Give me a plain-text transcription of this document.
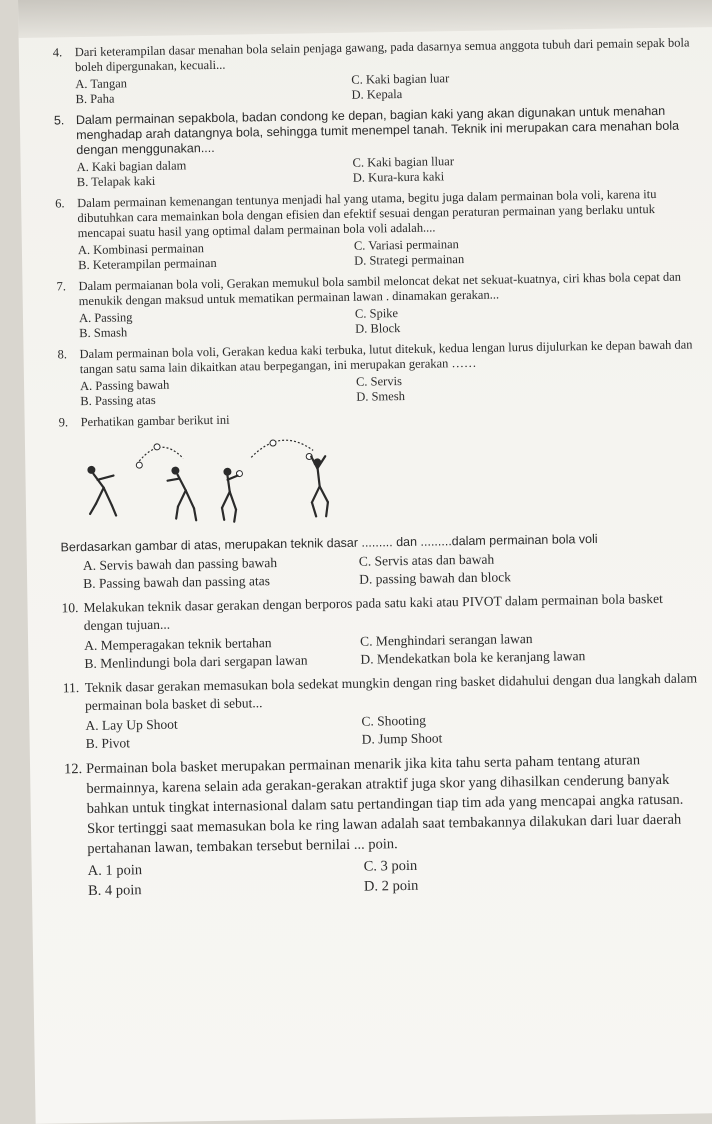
4. Dari keterampilan dasar menahan bola selain penjaga gawang, pada dasarnya semua anggota tubuh dari pemain sepak bola boleh dipergunakan, kecuali...
A. Tangan	C. Kaki bagian luar
B. Paha	D. Kepala
5. Dalam permainan sepakbola, badan condong ke depan, bagian kaki yang akan digunakan untuk menahan menghadap arah datangnya bola, sehingga tumit menempel tanah. Teknik ini merupakan cara menahan bola dengan menggunakan....
A. Kaki bagian dalam	C. Kaki bagian lluar
B. Telapak kaki	D. Kura-kura kaki
6. Dalam permainan kemenangan tentunya menjadi hal yang utama, begitu juga dalam permainan bola voli, karena itu dibutuhkan cara memainkan bola dengan efisien dan efektif sesuai dengan peraturan permainan yang berlaku untuk mencapai suatu hasil yang optimal dalam permainan bola voli adalah....
A. Kombinasi permainan	C. Variasi permainan
B. Keterampilan permainan	D. Strategi permainan
7. Dalam permaianan bola voli, Gerakan memukul bola sambil meloncat dekat net sekuat-kuatnya, ciri khas bola cepat dan menukik dengan maksud untuk mematikan permainan lawan . dinamakan gerakan...
A. Passing	C. Spike
B. Smash	D. Block
8. Dalam permainan bola voli, Gerakan kedua kaki terbuka, lutut ditekuk, kedua lengan lurus dijulurkan ke depan bawah dan tangan satu sama lain dikaitkan atau berpegangan, ini merupakan gerakan ……
A. Passing bawah	C. Servis
B. Passing atas	D. Smesh
9. Perhatikan gambar berikut ini
Berdasarkan gambar di atas, merupakan teknik dasar ......... dan .........dalam permainan bola voli
A. Servis bawah dan passing bawah	C. Servis atas dan bawah
B. Passing bawah dan passing atas	D. passing bawah dan block
10. Melakukan teknik dasar gerakan dengan berporos pada satu kaki atau PIVOT dalam permainan bola basket dengan tujuan...
A. Memperagakan teknik bertahan	C. Menghindari serangan lawan
B. Menlindungi bola dari sergapan lawan	D. Mendekatkan bola ke keranjang lawan
11. Teknik dasar gerakan memasukan bola sedekat mungkin dengan ring basket didahului dengan dua langkah dalam permainan bola basket di sebut...
A. Lay Up Shoot	C. Shooting
B. Pivot	D. Jump Shoot
12. Permainan bola basket merupakan permainan menarik jika kita tahu serta paham tentang aturan bermainnya, karena selain ada gerakan-gerakan atraktif juga skor yang dihasilkan cenderung banyak bahkan untuk tingkat internasional dalam satu pertandingan tiap tim ada yang mencapai angka ratusan. Skor tertinggi saat memasukan bola ke ring lawan adalah saat tembakannya dilakukan dari luar daerah pertahanan lawan, tembakan tersebut bernilai ... poin.
A. 1 poin	C. 3 poin
B. 4 poin	D. 2 poin
